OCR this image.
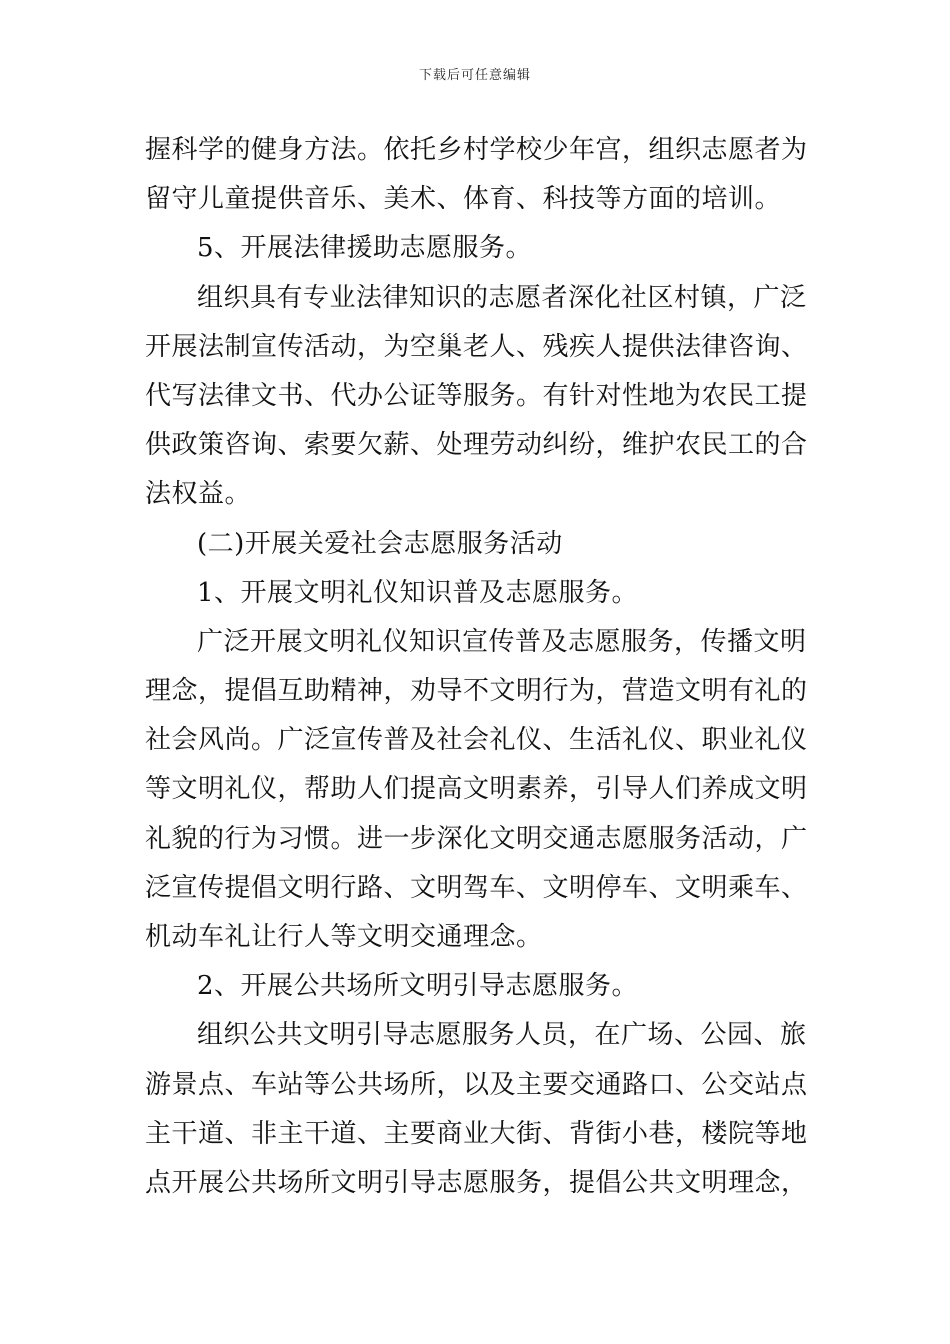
下载后可任意编辑
握科学的健身方法。依托乡村学校少年宫，组织志愿者为
留守儿童提供音乐、美术、体育、科技等方面的培训。
5、开展法律援助志愿服务。
组织具有专业法律知识的志愿者深化社区村镇，广泛
开展法制宣传活动，为空巢老人、残疾人提供法律咨询、
代写法律文书、代办公证等服务。有针对性地为农民工提
供政策咨询、索要欠薪、处理劳动纠纷，维护农民工的合
法权益。
(二)开展关爱社会志愿服务活动
1、开展文明礼仪知识普及志愿服务。
广泛开展文明礼仪知识宣传普及志愿服务，传播文明
理念，提倡互助精神，劝导不文明行为，营造文明有礼的
社会风尚。广泛宣传普及社会礼仪、生活礼仪、职业礼仪
等文明礼仪，帮助人们提高文明素养，引导人们养成文明
礼貌的行为习惯。进一步深化文明交通志愿服务活动，广
泛宣传提倡文明行路、文明驾车、文明停车、文明乘车、
机动车礼让行人等文明交通理念。
2、开展公共场所文明引导志愿服务。
组织公共文明引导志愿服务人员，在广场、公园、旅
游景点、车站等公共场所，以及主要交通路口、公交站点
主干道、非主干道、主要商业大街、背街小巷，楼院等地
点开展公共场所文明引导志愿服务，提倡公共文明理念，
